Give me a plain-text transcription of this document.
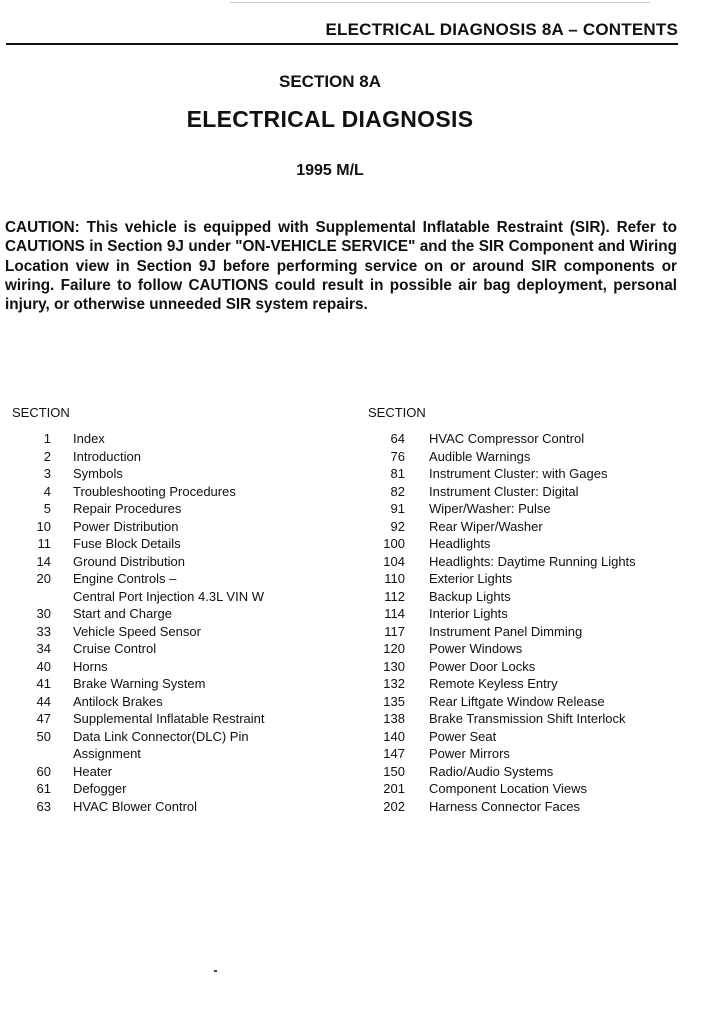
ELECTRICAL DIAGNOSIS 8A – CONTENTS
SECTION 8A
ELECTRICAL DIAGNOSIS
1995 M/L
CAUTION: This vehicle is equipped with Supplemental Inflatable Restraint (SIR). Refer to CAUTIONS in Section 9J under "ON-VEHICLE SERVICE" and the SIR Component and Wiring Location view in Section 9J before performing service on or around SIR components or wiring. Failure to follow CAUTIONS could result in possible air bag deployment, personal injury, or otherwise unneeded SIR system repairs.
SECTION
1 Index
2 Introduction
3 Symbols
4 Troubleshooting Procedures
5 Repair Procedures
10 Power Distribution
11 Fuse Block Details
14 Ground Distribution
20 Engine Controls –
Central Port Injection 4.3L VIN W
30 Start and Charge
33 Vehicle Speed Sensor
34 Cruise Control
40 Horns
41 Brake Warning System
44 Antilock Brakes
47 Supplemental Inflatable Restraint
50 Data Link Connector(DLC) Pin
Assignment
60 Heater
61 Defogger
63 HVAC Blower Control
SECTION
64 HVAC Compressor Control
76 Audible Warnings
81 Instrument Cluster: with Gages
82 Instrument Cluster: Digital
91 Wiper/Washer: Pulse
92 Rear Wiper/Washer
100 Headlights
104 Headlights: Daytime Running Lights
110 Exterior Lights
112 Backup Lights
114 Interior Lights
117 Instrument Panel Dimming
120 Power Windows
130 Power Door Locks
132 Remote Keyless Entry
135 Rear Liftgate Window Release
138 Brake Transmission Shift Interlock
140 Power Seat
147 Power Mirrors
150 Radio/Audio Systems
201 Component Location Views
202 Harness Connector Faces
